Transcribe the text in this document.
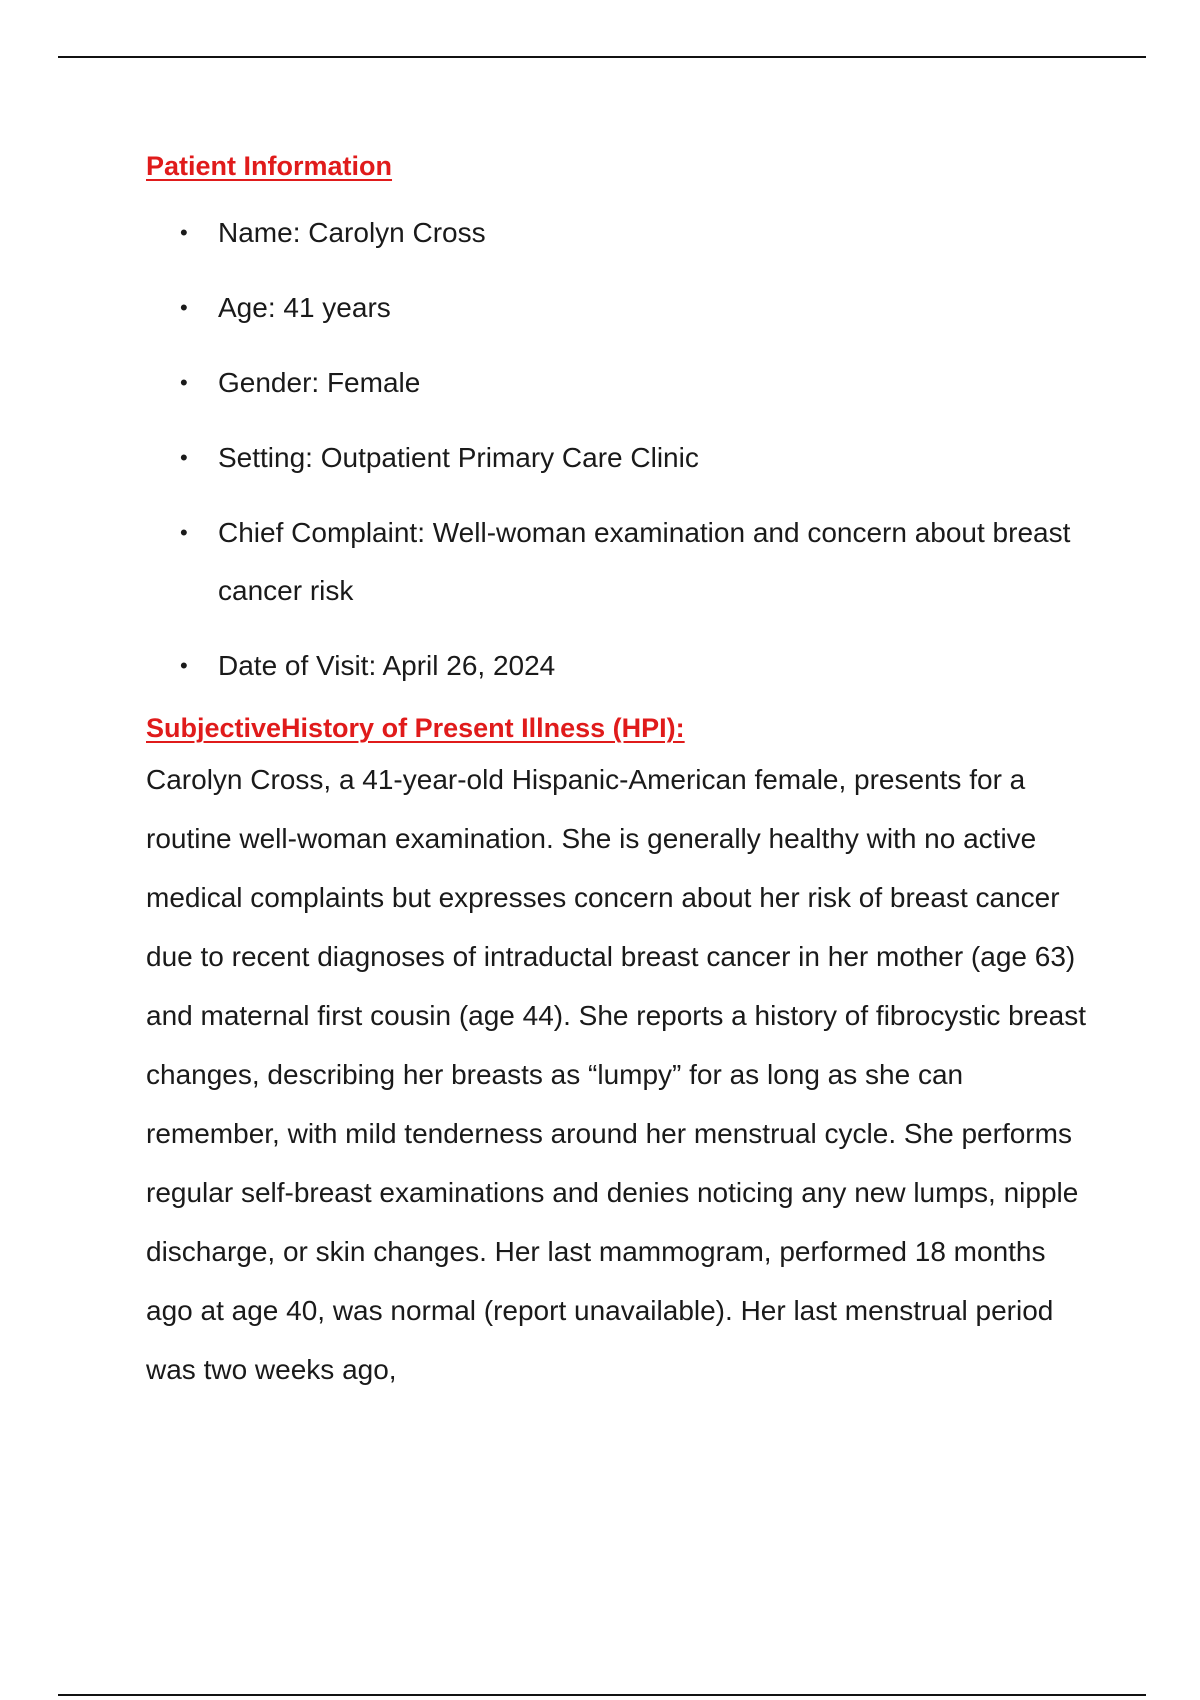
Patient Information
• Name: Carolyn Cross
• Age: 41 years
• Gender: Female
• Setting: Outpatient Primary Care Clinic
• Chief Complaint: Well-woman examination and concern about breast cancer risk
• Date of Visit: April 26, 2024
SubjectiveHistory of Present Illness (HPI):

Carolyn Cross, a 41-year-old Hispanic-American female, presents for a routine well-woman examination. She is generally healthy with no active medical complaints but expresses concern about her risk of breast cancer due to recent diagnoses of intraductal breast cancer in her mother (age 63) and maternal first cousin (age 44). She reports a history of fibrocystic breast changes, describing her breasts as “lumpy” for as long as she can remember, with mild tenderness around her menstrual cycle. She performs regular self-breast examinations and denies noticing any new lumps, nipple discharge, or skin changes. Her last mammogram, performed 18 months ago at age 40, was normal (report unavailable). Her last menstrual period was two weeks ago,
